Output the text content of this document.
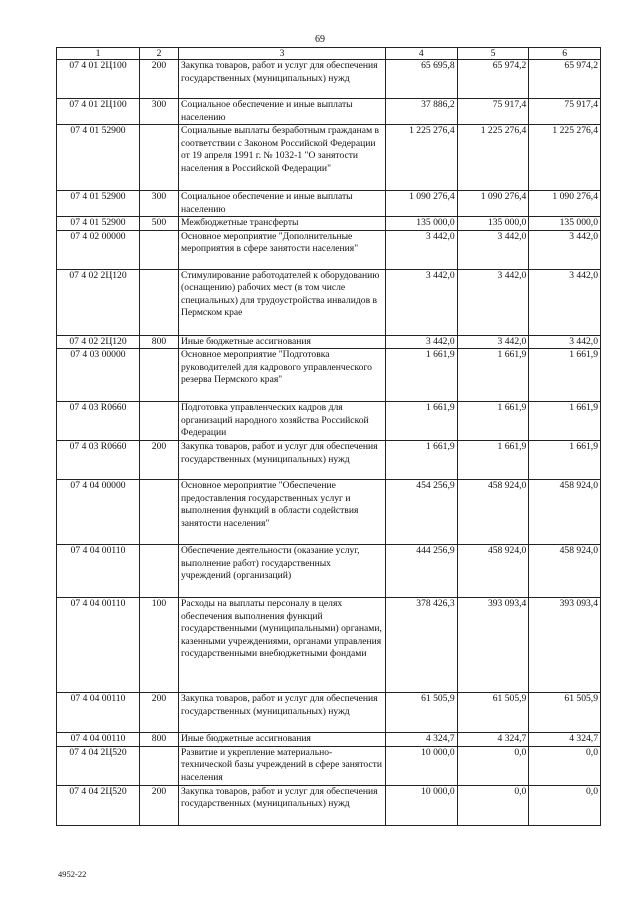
69
1	2	3	4	5	6
07 4 01 2Ц100	200	Закупка товаров, работ и услуг для обеспечения государственных (муниципальных) нужд	65 695,8	65 974,2	65 974,2
07 4 01 2Ц100	300	Социальное обеспечение и иные выплаты населению	37 886,2	75 917,4	75 917,4
07 4 01 52900		Социальные выплаты безработным гражданам в соответствии с Законом Российской Федерации от 19 апреля 1991 г. № 1032-1 "О занятости населения в Российской Федерации"	1 225 276,4	1 225 276,4	1 225 276,4
07 4 01 52900	300	Социальное обеспечение и иные выплаты населению	1 090 276,4	1 090 276,4	1 090 276,4
07 4 01 52900	500	Межбюджетные трансферты	135 000,0	135 000,0	135 000,0
07 4 02 00000		Основное мероприятие "Дополнительные мероприятия в сфере занятости населения"	3 442,0	3 442,0	3 442,0
07 4 02 2Ц120		Стимулирование работодателей к оборудованию (оснащению) рабочих мест (в том числе специальных) для трудоустройства инвалидов в Пермском крае	3 442,0	3 442,0	3 442,0
07 4 02 2Ц120	800	Иные бюджетные ассигнования	3 442,0	3 442,0	3 442,0
07 4 03 00000		Основное мероприятие "Подготовка руководителей для кадрового управленческого резерва Пермского края"	1 661,9	1 661,9	1 661,9
07 4 03 R0660		Подготовка управленческих кадров для организаций народного хозяйства Российской Федерации	1 661,9	1 661,9	1 661,9
07 4 03 R0660	200	Закупка товаров, работ и услуг для обеспечения государственных (муниципальных) нужд	1 661,9	1 661,9	1 661,9
07 4 04 00000		Основное мероприятие "Обеспечение предоставления государственных услуг и выполнения функций в области содействия занятости населения"	454 256,9	458 924,0	458 924,0
07 4 04 00110		Обеспечение деятельности (оказание услуг, выполнение работ) государственных учреждений (организаций)	444 256,9	458 924,0	458 924,0
07 4 04 00110	100	Расходы на выплаты персоналу в целях обеспечения выполнения функций государственными (муниципальными) органами, казенными учреждениями, органами управления государственными внебюджетными фондами	378 426,3	393 093,4	393 093,4
07 4 04 00110	200	Закупка товаров, работ и услуг для обеспечения государственных (муниципальных) нужд	61 505,9	61 505,9	61 505,9
07 4 04 00110	800	Иные бюджетные ассигнования	4 324,7	4 324,7	4 324,7
07 4 04 2Ц520		Развитие и укрепление материально-технической базы учреждений в сфере занятости населения	10 000,0	0,0	0,0
07 4 04 2Ц520	200	Закупка товаров, работ и услуг для обеспечения государственных (муниципальных) нужд	10 000,0	0,0	0,0
4952-22
